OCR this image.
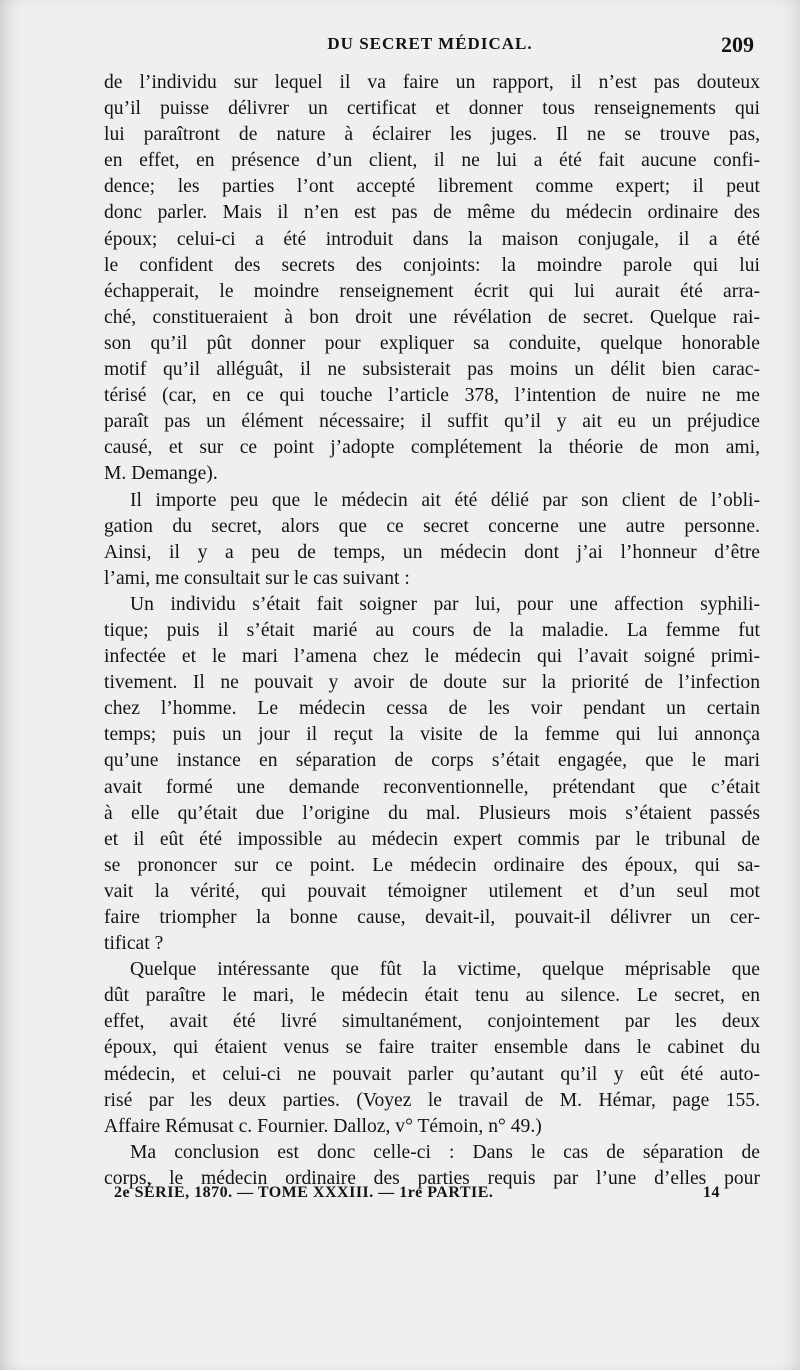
DU SECRET MÉDICAL.	209
de l’individu sur lequel il va faire un rapport, il n’est pas douteux
qu’il puisse délivrer un certificat et donner tous renseignements qui
lui paraîtront de nature à éclairer les juges. Il ne se trouve pas,
en effet, en présence d’un client, il ne lui a été fait aucune confi-
dence; les parties l’ont accepté librement comme expert; il peut
donc parler. Mais il n’en est pas de même du médecin ordinaire des
époux; celui-ci a été introduit dans la maison conjugale, il a été
le confident des secrets des conjoints: la moindre parole qui lui
échapperait, le moindre renseignement écrit qui lui aurait été arra-
ché, constitueraient à bon droit une révélation de secret. Quelque rai-
son qu’il pût donner pour expliquer sa conduite, quelque honorable
motif qu’il alléguât, il ne subsisterait pas moins un délit bien carac-
térisé (car, en ce qui touche l’article 378, l’intention de nuire ne me
paraît pas un élément nécessaire; il suffit qu’il y ait eu un préjudice
causé, et sur ce point j’adopte complétement la théorie de mon ami,
M. Demange).
Il importe peu que le médecin ait été délié par son client de l’obli-
gation du secret, alors que ce secret concerne une autre personne.
Ainsi, il y a peu de temps, un médecin dont j’ai l’honneur d’être
l’ami, me consultait sur le cas suivant :
Un individu s’était fait soigner par lui, pour une affection syphili-
tique; puis il s’était marié au cours de la maladie. La femme fut
infectée et le mari l’amena chez le médecin qui l’avait soigné primi-
tivement. Il ne pouvait y avoir de doute sur la priorité de l’infection
chez l’homme. Le médecin cessa de les voir pendant un certain
temps; puis un jour il reçut la visite de la femme qui lui annonça
qu’une instance en séparation de corps s’était engagée, que le mari
avait formé une demande reconventionnelle, prétendant que c’était
à elle qu’était due l’origine du mal. Plusieurs mois s’étaient passés
et il eût été impossible au médecin expert commis par le tribunal de
se prononcer sur ce point. Le médecin ordinaire des époux, qui sa-
vait la vérité, qui pouvait témoigner utilement et d’un seul mot
faire triompher la bonne cause, devait-il, pouvait-il délivrer un cer-
tificat ?
Quelque intéressante que fût la victime, quelque méprisable que
dût paraître le mari, le médecin était tenu au silence. Le secret, en
effet, avait été livré simultanément, conjointement par les deux
époux, qui étaient venus se faire traiter ensemble dans le cabinet du
médecin, et celui-ci ne pouvait parler qu’autant qu’il y eût été auto-
risé par les deux parties. (Voyez le travail de M. Hémar, page 155.
Affaire Rémusat c. Fournier. Dalloz, v° Témoin, n° 49.)
Ma conclusion est donc celle-ci : Dans le cas de séparation de
corps, le médecin ordinaire des parties requis par l’une d’elles pour
2e SÉRIE, 1870. — TOME XXXIII. — 1re PARTIE.	14
